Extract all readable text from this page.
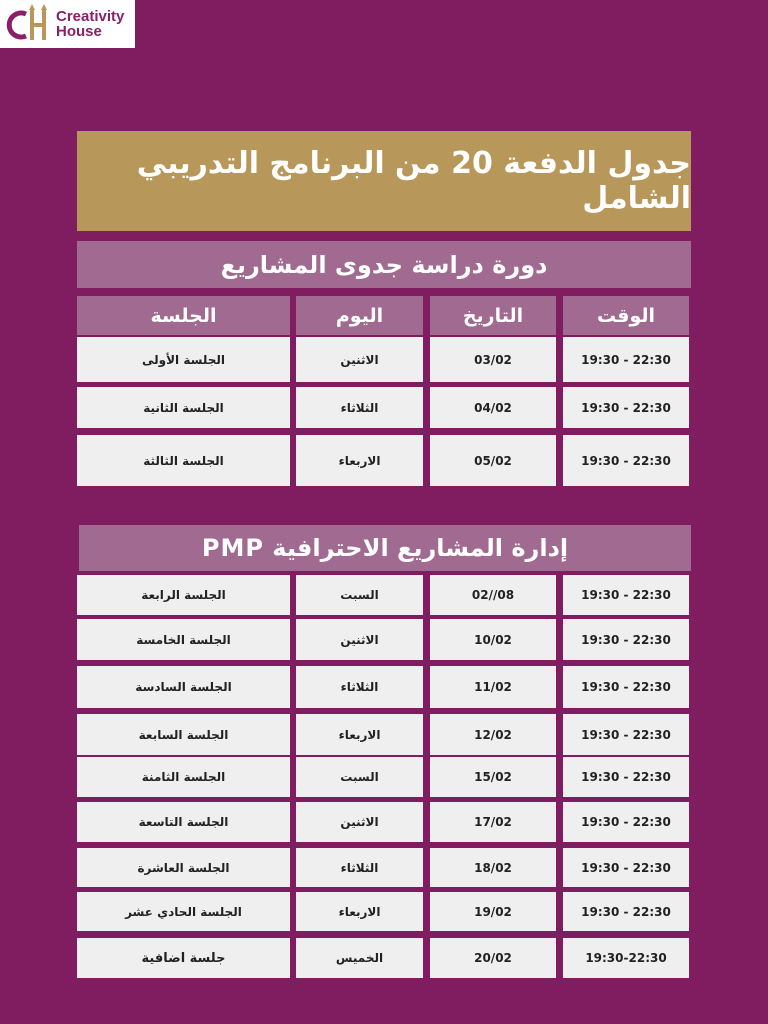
Creativity
House
جدول الدفعة 20 من البرنامج التدريبي الشامل
دورة دراسة جدوى المشاريع
الوقت
التاريخ
اليوم
الجلسة
19:30 - 22:30
03/02
الاثنين
الجلسة الأولى
19:30 - 22:30
04/02
الثلاثاء
الجلسة الثانية
19:30 - 22:30
05/02
الاربعاء
الجلسة الثالثة
إدارة المشاريع الاحترافية PMP
19:30 - 22:30
08//02
السبت
الجلسة الرابعة
19:30 - 22:30
10/02
الاثنين
الجلسة الخامسة
19:30 - 22:30
11/02
الثلاثاء
الجلسة السادسة
19:30 - 22:30
12/02
الاربعاء
الجلسة السابعة
19:30 - 22:30
15/02
السبت
الجلسة الثامنة
19:30 - 22:30
17/02
الاثنين
الجلسة التاسعة
19:30 - 22:30
18/02
الثلاثاء
الجلسة العاشرة
19:30 - 22:30
19/02
الاربعاء
الجلسة الحادي عشر
19:30-22:30
20/02
الخميس
جلسة اضافية
